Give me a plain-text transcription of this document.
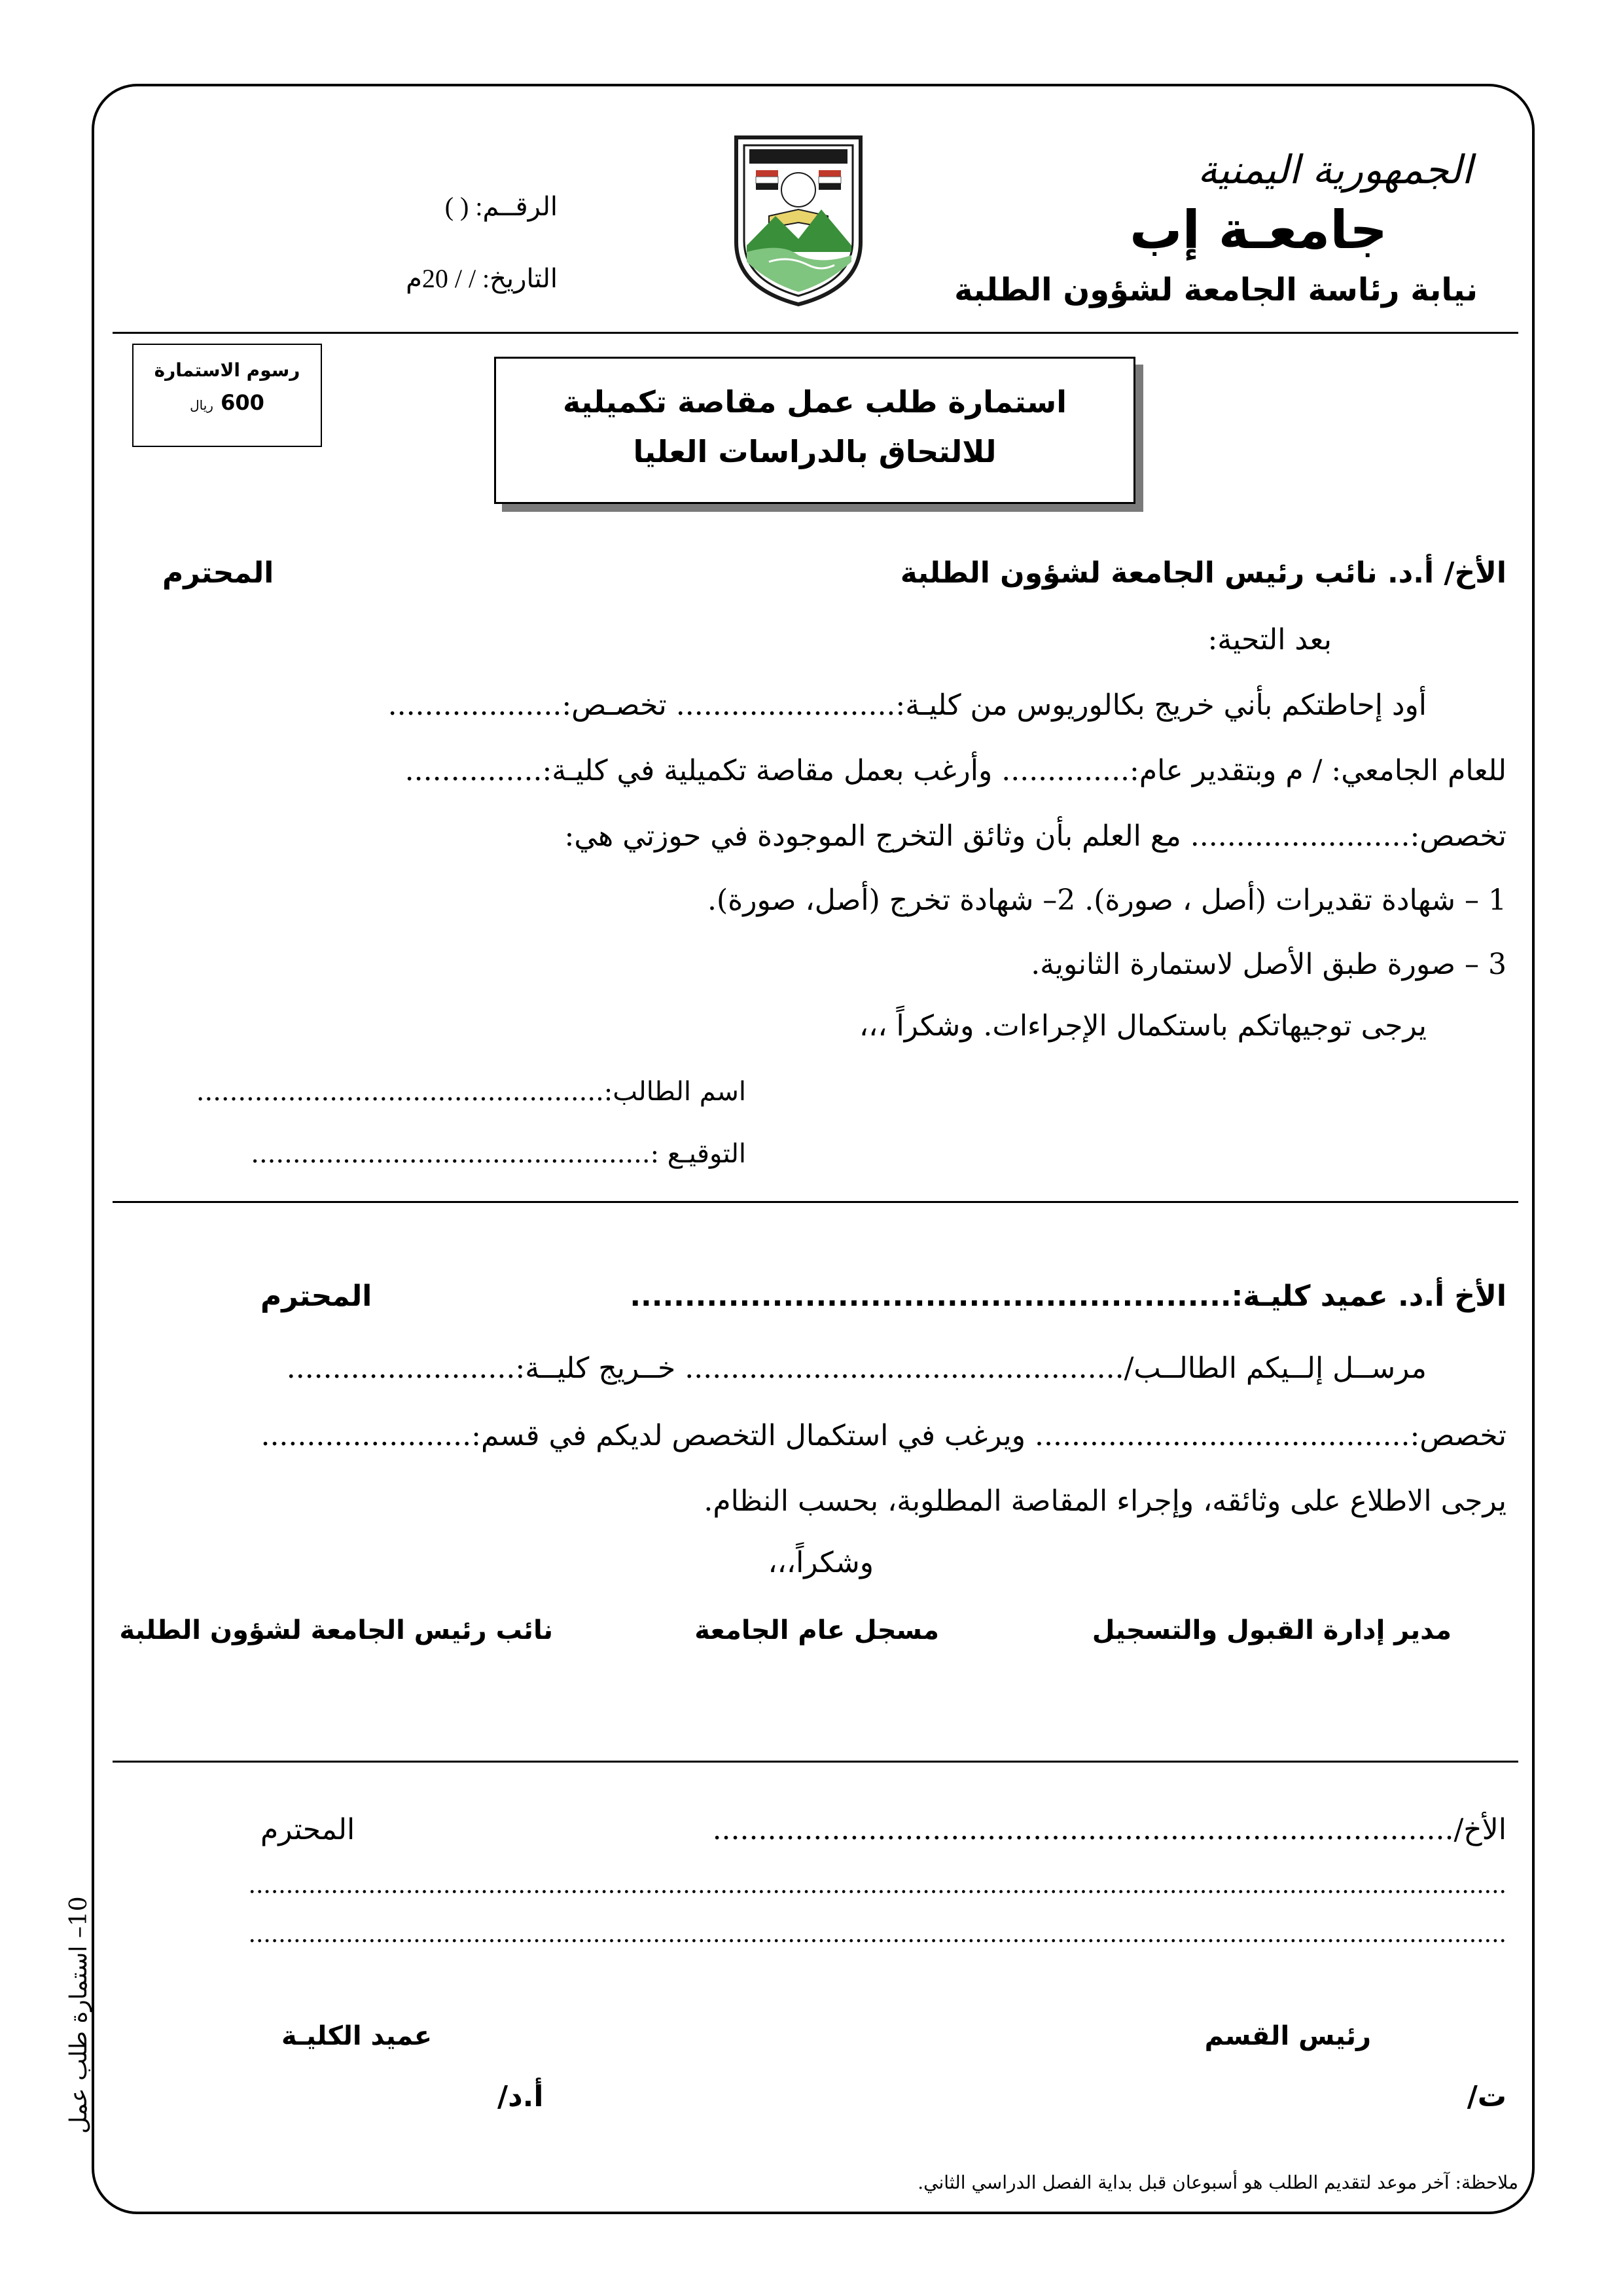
الجمهورية اليمنية
جامعـة إب
نيابة رئاسة الجامعة لشؤون الطلبة
الرقــم: ( )
التاريخ: / / 20م
رسوم الاستمارة
600 ريال	استمارة طلب عمل مقاصة تكميلية
للالتحاق بالدراسات العليا
الأخ/ أ.د. نائب رئيس الجامعة لشؤون الطلبة
المحترم
بعد التحية:
أود إحاطتكم بأني خريج بكالوريوس من كليـة:........................ تخصـص:...................
للعام الجامعي: / م وبتقدير عام:.............. وأرغب بعمل مقاصة تكميلية في كليـة:...............
تخصص:........................ مع العلم بأن وثائق التخرج الموجودة في حوزتي هي:
1 – شهادة تقديرات (أصل ، صورة). 2– شهادة تخرج (أصل، صورة).
3 – صورة طبق الأصل لاستمارة الثانوية.
يرجى توجيهاتكم باستكمال الإجراءات. وشكراً ،،،
اسم الطالب:.................................................
التوقيـع :................................................
الأخ أ.د. عميد كليـة:.......................................................
المحترم
مرســل إلــيكم الطالــب/................................................ خــريج كليــة:.........................
تخصص:......................................... ويرغب في استكمال التخصص لديكم في قسم:.......................
يرجى الاطلاع على وثائقه، وإجراء المقاصة المطلوبة، بحسب النظام.
وشكراً،،،
مدير إدارة القبول والتسجيل
مسجل عام الجامعة
نائب رئيس الجامعة لشؤون الطلبة
الأخ/.................................................................................
المحترم
........................................................................................................................................................................
........................................................................................................................................................................
رئيس القسم
عميد الكليـة
ت/
أ.د/
ملاحظة: آخر موعد لتقديم الطلب هو أسبوعان قبل بداية الفصل الدراسي الثاني.
10– استمارة طلب عمل
